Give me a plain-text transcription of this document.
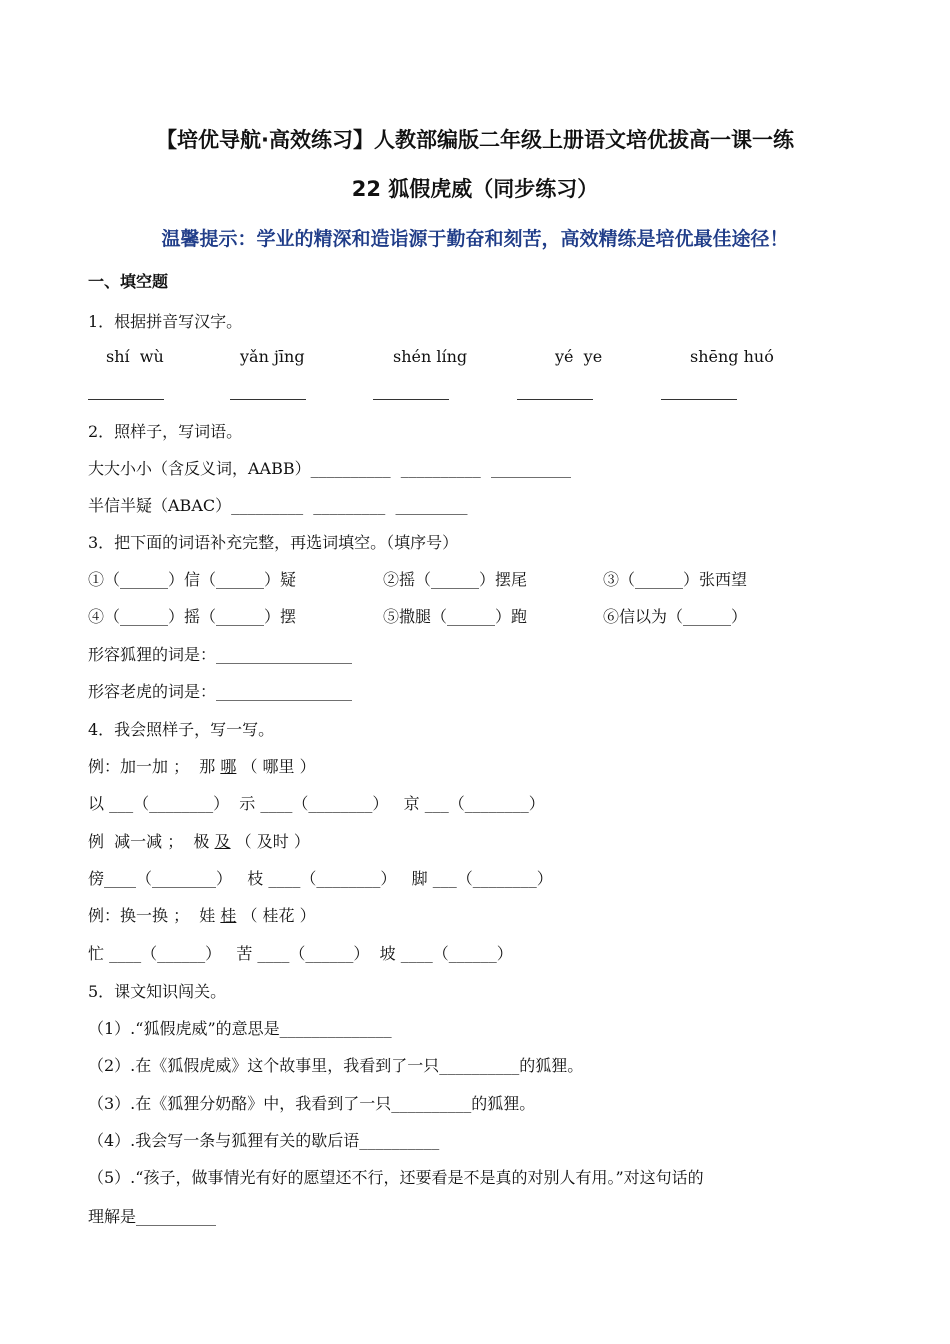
【培优导航·高效练习】人教部编版二年级上册语文培优拔高一课一练
22 狐假虎威（同步练习）
温馨提示：学业的精深和造诣源于勤奋和刻苦，高效精练是培优最佳途径！
一、填空题
1．根据拼音写汉字。
shí  wù	yǎn jīng	shén líng	yé  ye	shēng huó
2．照样子，写词语。
大大小小（含反义词，AABB）__________  __________  __________
半信半疑（ABAC）_________  _________  _________
3．把下面的词语补充完整，再选词填空。（填序号）
①（______）信（______）疑	②摇（______）摆尾	③（______）张西望
④（______）摇（______）摆	⑤撒腿（______）跑	⑥信以为（______）
形容狐狸的词是：_________________
形容老虎的词是：_________________
4．我会照样子，写一写。
例：加一加 ；  那 哪 （ 哪里 ）
以 ___（________）  示 ____（________）   京 ___（________）
例  减一减 ；  极 及 （ 及时 ）
傍____（________）   枝 ____（________）   脚 ___（________）
例：换一换 ；  娃 桂 （ 桂花 ）
忙 ____（______）   苦 ____（______）  坡 ____（______）
5．课文知识闯关。
（1）.“狐假虎威”的意思是______________
（2）.在《狐假虎威》这个故事里，我看到了一只__________的狐狸。
（3）.在《狐狸分奶酪》中，我看到了一只__________的狐狸。
（4）.我会写一条与狐狸有关的歇后语__________
（5）.“孩子，做事情光有好的愿望还不行，还要看是不是真的对别人有用。”对这句话的
理解是__________
